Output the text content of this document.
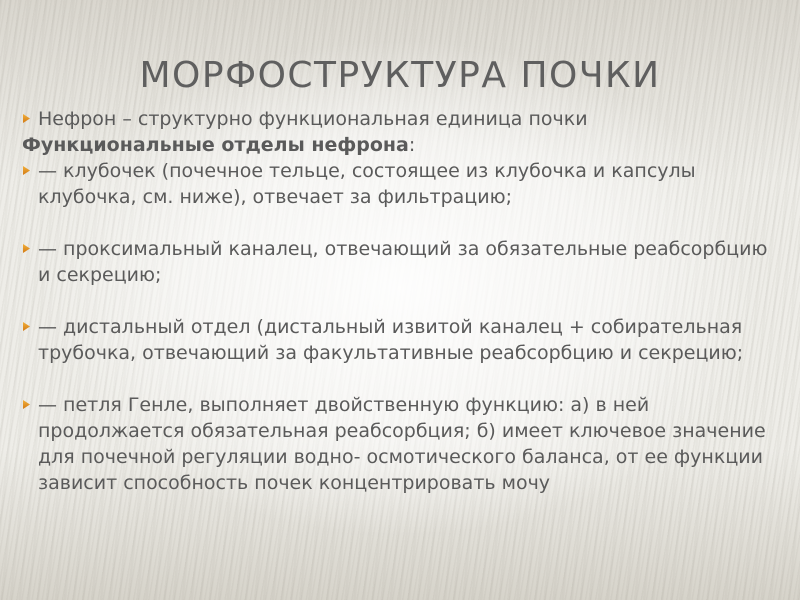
МОРФОСТРУКТУРА ПОЧКИ

Нефрон – структурно функциональная единица почки

Функциональные отделы нефрона:

— клубочек (почечное тельце, состоящее из клубочка и капсулы клубочка, см. ниже), отвечает за фильтрацию;

— проксимальный каналец, отвечающий за обязательные реабсорбцию и секрецию;

— дистальный отдел (дистальный извитой каналец + собирательная трубочка, отвечающий за факультативные реабсорбцию и секрецию;

— петля Генле, выполняет двойственную функцию: а) в ней продолжается обязательная реабсорбция; б) имеет ключевое значение для почечной регуляции водно- осмотического баланса, от ее функции зависит способность почек концентрировать мочу
